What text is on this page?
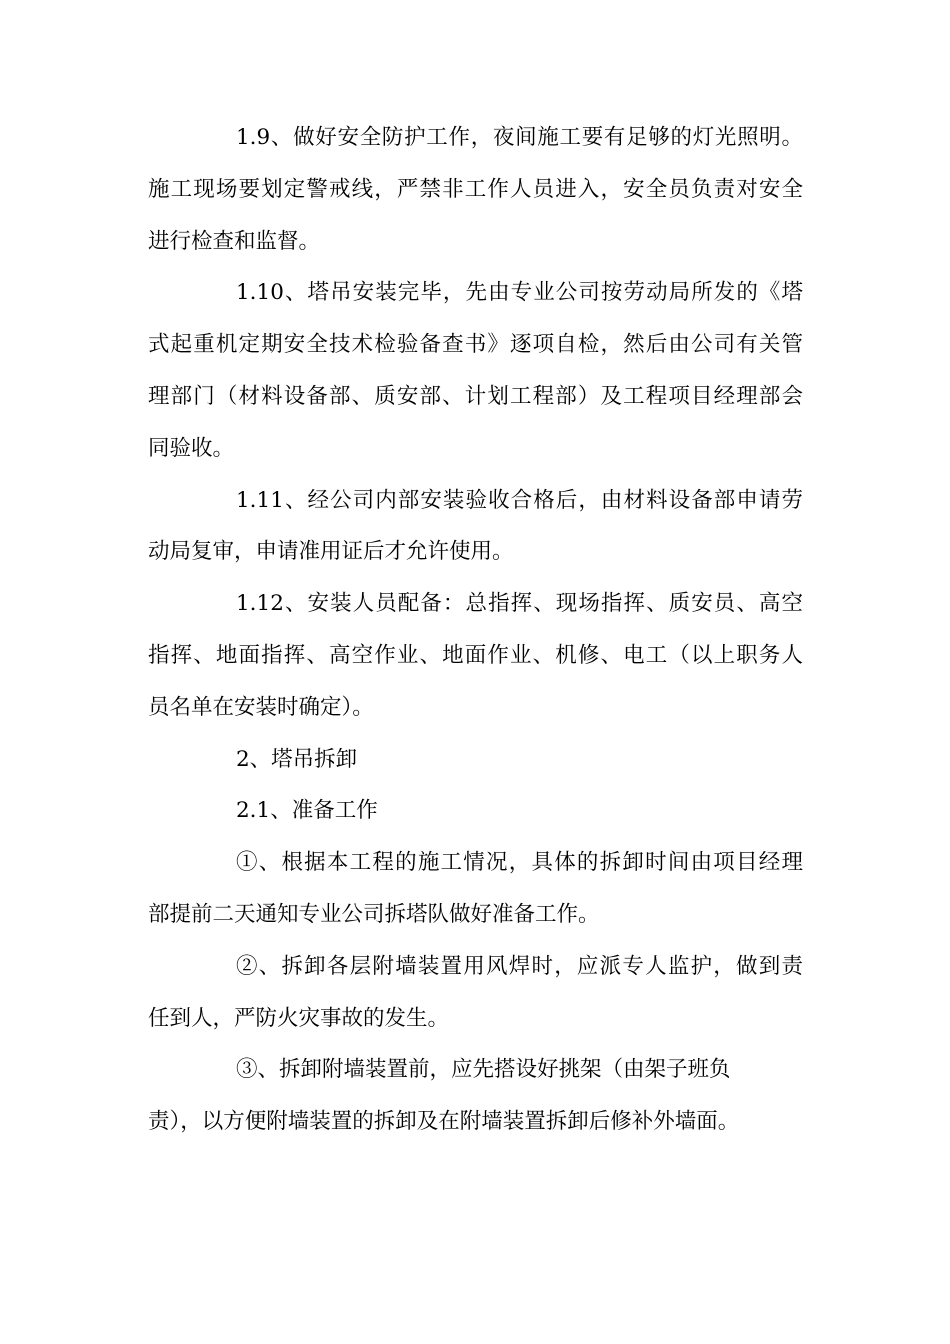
1.9、做好安全防护工作，夜间施工要有足够的灯光照明。
施工现场要划定警戒线，严禁非工作人员进入，安全员负责对安全
进行检查和监督。
1.10、塔吊安装完毕，先由专业公司按劳动局所发的《塔
式起重机定期安全技术检验备查书》逐项自检，然后由公司有关管
理部门（材料设备部、质安部、计划工程部）及工程项目经理部会
同验收。
1.11、经公司内部安装验收合格后，由材料设备部申请劳
动局复审，申请准用证后才允许使用。
1.12、安装人员配备：总指挥、现场指挥、质安员、高空
指挥、地面指挥、高空作业、地面作业、机修、电工（以上职务人
员名单在安装时确定）。
2、塔吊拆卸
2.1、准备工作
①、根据本工程的施工情况，具体的拆卸时间由项目经理
部提前二天通知专业公司拆塔队做好准备工作。
②、拆卸各层附墙装置用风焊时，应派专人监护，做到责
任到人，严防火灾事故的发生。
③、拆卸附墙装置前，应先搭设好挑架（由架子班负
责），以方便附墙装置的拆卸及在附墙装置拆卸后修补外墙面。
